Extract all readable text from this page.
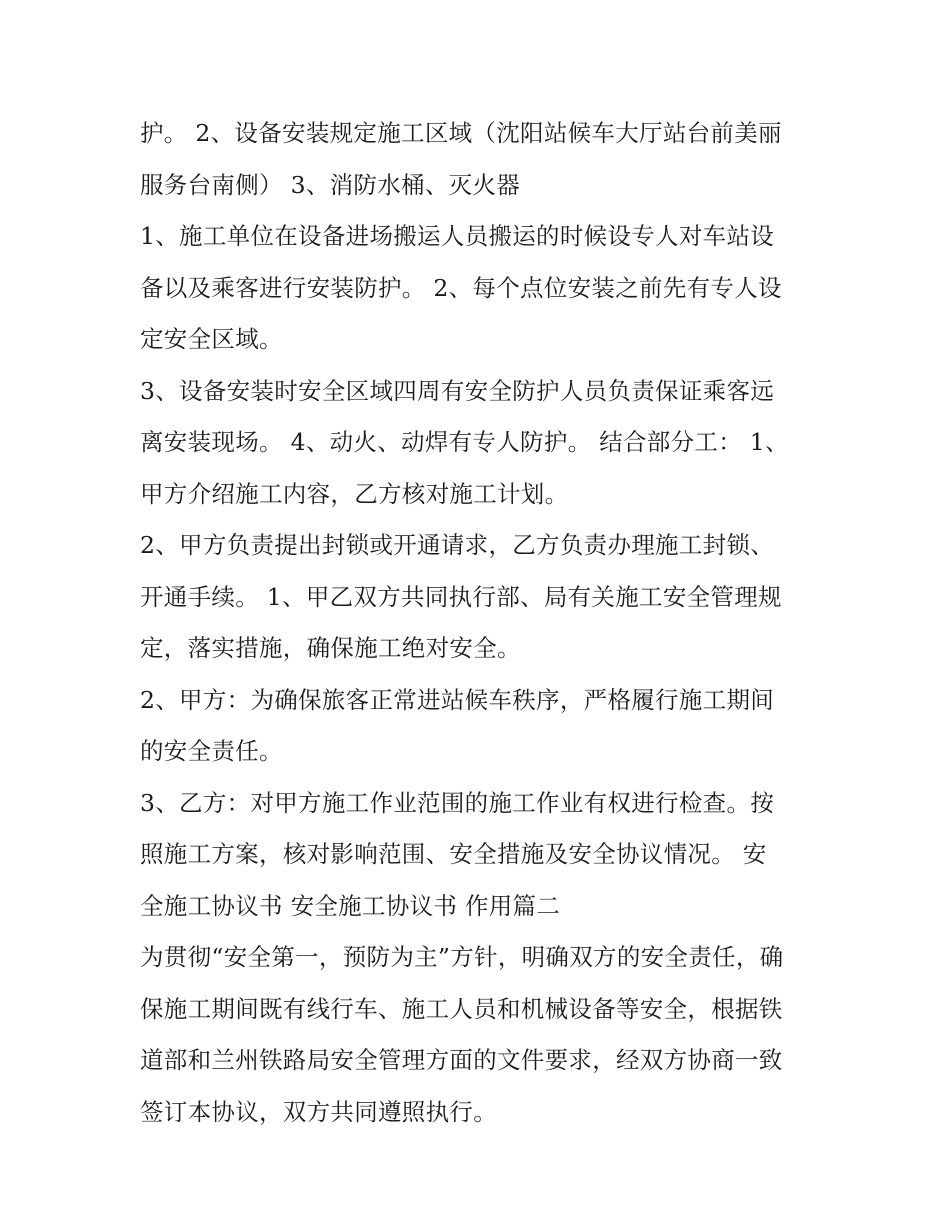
护。 2、设备安装规定施工区域（沈阳站候车大厅站台前美丽
服务台南侧） 3、消防水桶、灭火器
1、施工单位在设备进场搬运人员搬运的时候设专人对车站设
备以及乘客进行安装防护。 2、每个点位安装之前先有专人设
定安全区域。
3、设备安装时安全区域四周有安全防护人员负责保证乘客远
离安装现场。 4、动火、动焊有专人防护。 结合部分工： 1、
甲方介绍施工内容，乙方核对施工计划。
2、甲方负责提出封锁或开通请求，乙方负责办理施工封锁、
开通手续。 1、甲乙双方共同执行部、局有关施工安全管理规
定，落实措施，确保施工绝对安全。
2、甲方：为确保旅客正常进站候车秩序，严格履行施工期间
的安全责任。
3、乙方：对甲方施工作业范围的施工作业有权进行检查。按
照施工方案，核对影响范围、安全措施及安全协议情况。 安
全施工协议书 安全施工协议书 作用篇二
为贯彻“安全第一，预防为主”方针，明确双方的安全责任，确
保施工期间既有线行车、施工人员和机械设备等安全，根据铁
道部和兰州铁路局安全管理方面的文件要求，经双方协商一致
签订本协议，双方共同遵照执行。
